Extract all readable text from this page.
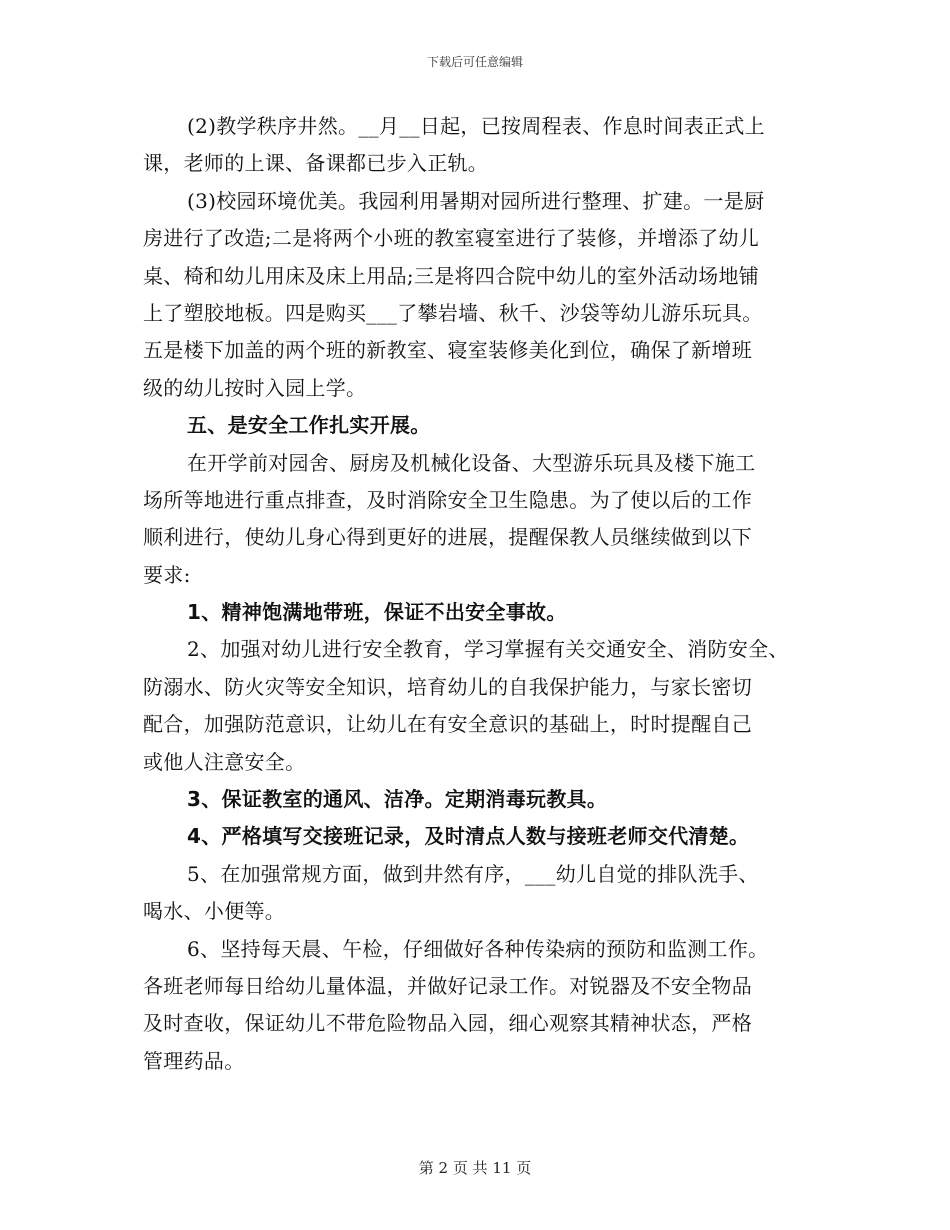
下载后可任意编辑
(2)教学秩序井然。__月__日起，已按周程表、作息时间表正式上
课，老师的上课、备课都已步入正轨。
(3)校园环境优美。我园利用暑期对园所进行整理、扩建。一是厨
房进行了改造;二是将两个小班的教室寝室进行了装修，并增添了幼儿
桌、椅和幼儿用床及床上用品;三是将四合院中幼儿的室外活动场地铺
上了塑胶地板。四是购买___了攀岩墙、秋千、沙袋等幼儿游乐玩具。
五是楼下加盖的两个班的新教室、寝室装修美化到位，确保了新增班
级的幼儿按时入园上学。
五、是安全工作扎实开展。
在开学前对园舍、厨房及机械化设备、大型游乐玩具及楼下施工
场所等地进行重点排查，及时消除安全卫生隐患。为了使以后的工作
顺利进行，使幼儿身心得到更好的进展，提醒保教人员继续做到以下
要求:
1、精神饱满地带班，保证不出安全事故。
2、加强对幼儿进行安全教育，学习掌握有关交通安全、消防安全、
防溺水、防火灾等安全知识，培育幼儿的自我保护能力，与家长密切
配合，加强防范意识，让幼儿在有安全意识的基础上，时时提醒自己
或他人注意安全。
3、保证教室的通风、洁净。定期消毒玩教具。
4、严格填写交接班记录，及时清点人数与接班老师交代清楚。
5、在加强常规方面，做到井然有序，___幼儿自觉的排队洗手、
喝水、小便等。
6、坚持每天晨、午检，仔细做好各种传染病的预防和监测工作。
各班老师每日给幼儿量体温，并做好记录工作。对锐器及不安全物品
及时查收，保证幼儿不带危险物品入园，细心观察其精神状态，严格
管理药品。
第 2 页 共 11 页
